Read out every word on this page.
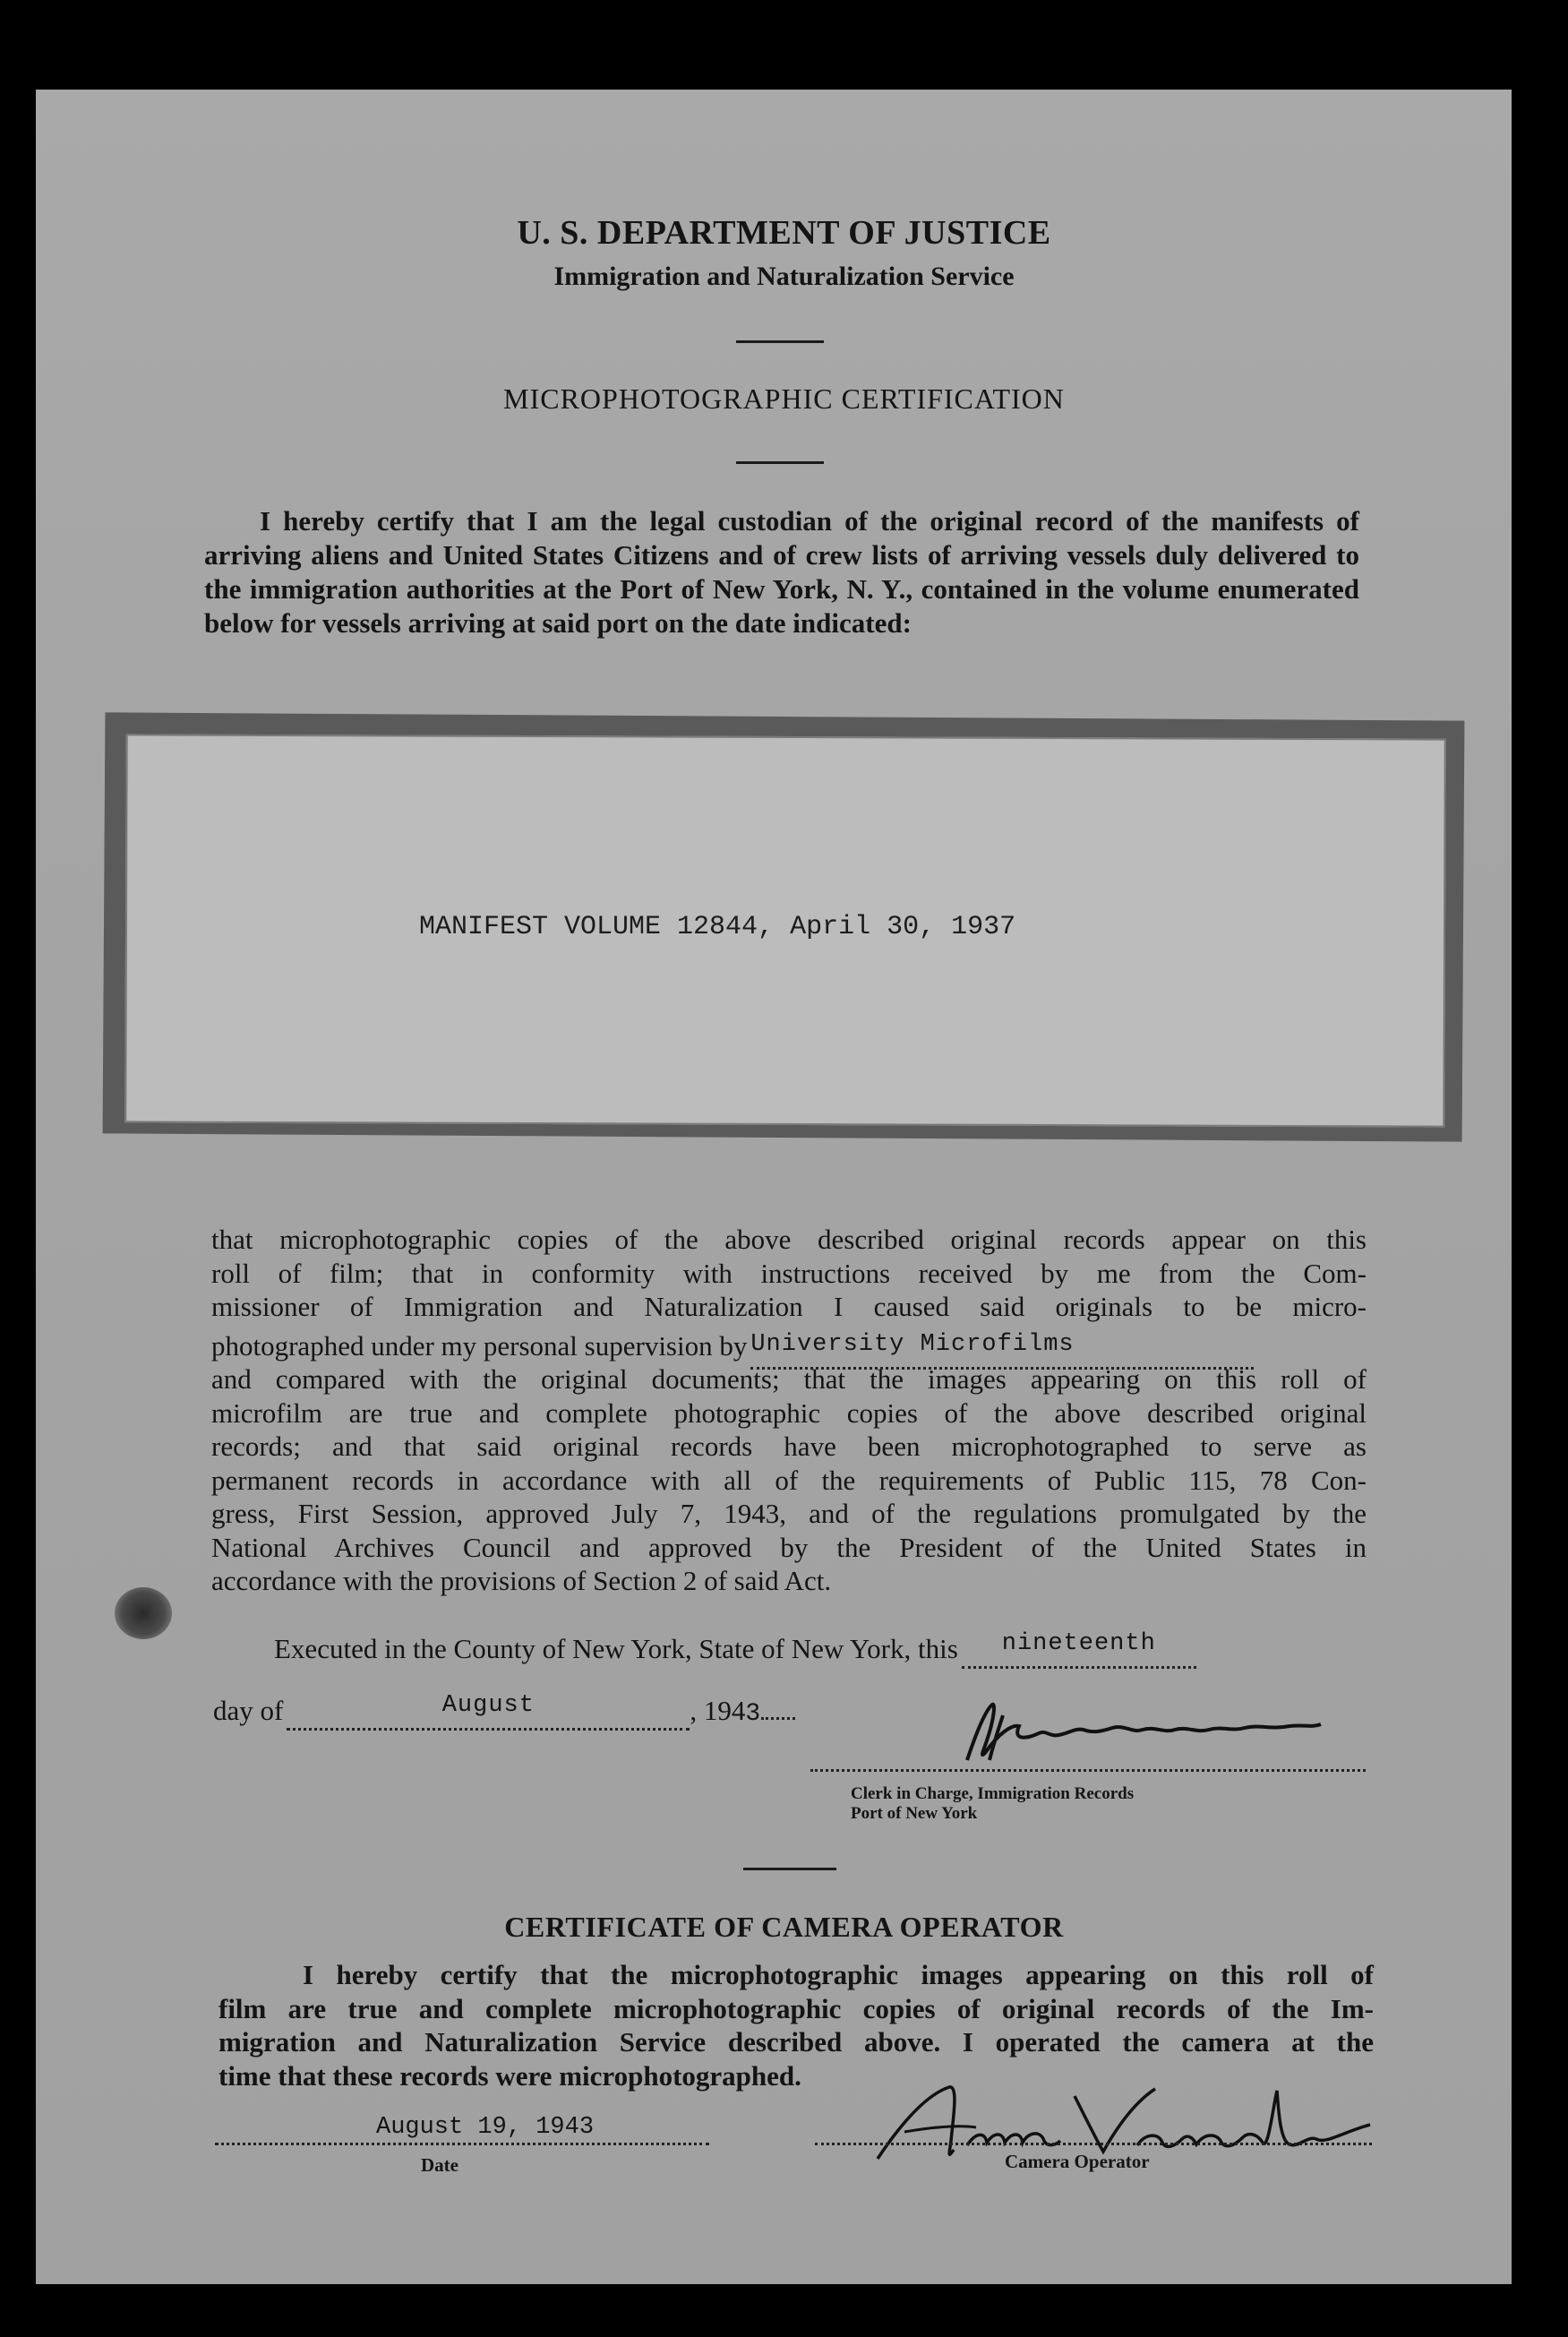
U. S. DEPARTMENT OF JUSTICE
Immigration and Naturalization Service
MICROPHOTOGRAPHIC CERTIFICATION
I hereby certify that I am the legal custodian of the original record of the manifests of arriving aliens and United States Citizens and of crew lists of arriving vessels duly delivered to the immigration authorities at the Port of New York, N. Y., contained in the volume enumerated below for vessels arriving at said port on the date indicated:
MANIFEST VOLUME 12844, April 30, 1937
that microphotographic copies of the above described original records appear on this
roll of film; that in conformity with instructions received by me from the Com-
missioner of Immigration and Naturalization I caused said originals to be micro-
photographed under my personal supervision by University Microfilms
and compared with the original documents; that the images appearing on this roll of
microfilm are true and complete photographic copies of the above described original
records; and that said original records have been microphotographed to serve as
permanent records in accordance with all of the requirements of Public 115, 78 Con-
gress, First Session, approved July 7, 1943, and of the regulations promulgated by the
National Archives Council and approved by the President of the United States in
accordance with the provisions of Section 2 of said Act.
Executed in the County of New York, State of New York, this nineteenth
day of	August	, 1943
Clerk in Charge, Immigration Records
Port of New York
CERTIFICATE OF CAMERA OPERATOR
I hereby certify that the microphotographic images appearing on this roll of
film are true and complete microphotographic copies of original records of the Im-
migration and Naturalization Service described above. I operated the camera at the
time that these records were microphotographed.
August 19, 1943
Date	Camera Operator
